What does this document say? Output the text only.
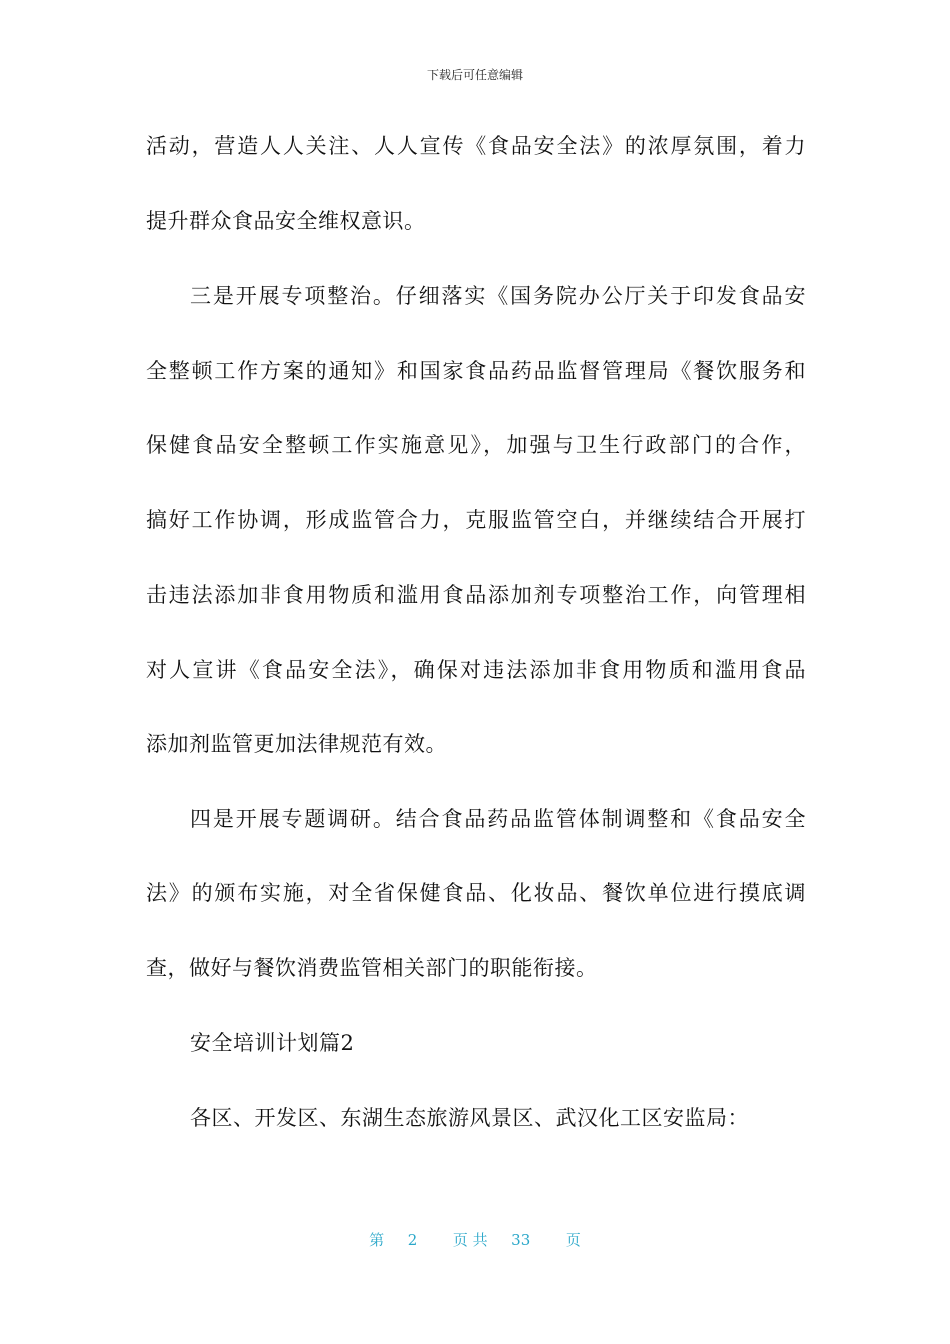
下载后可任意编辑
活动，营造人人关注、人人宣传《食品安全法》的浓厚氛围，着力
提升群众食品安全维权意识。
三是开展专项整治。仔细落实《国务院办公厅关于印发食品安
全整顿工作方案的通知》和国家食品药品监督管理局《餐饮服务和
保健食品安全整顿工作实施意见》，加强与卫生行政部门的合作，
搞好工作协调，形成监管合力，克服监管空白，并继续结合开展打
击违法添加非食用物质和滥用食品添加剂专项整治工作，向管理相
对人宣讲《食品安全法》，确保对违法添加非食用物质和滥用食品
添加剂监管更加法律规范有效。
四是开展专题调研。结合食品药品监管体制调整和《食品安全
法》的颁布实施，对全省保健食品、化妆品、餐饮单位进行摸底调
查，做好与餐饮消费监管相关部门的职能衔接。
安全培训计划篇2
各区、开发区、东湖生态旅游风景区、武汉化工区安监局：
第 2 页 共 33 页
